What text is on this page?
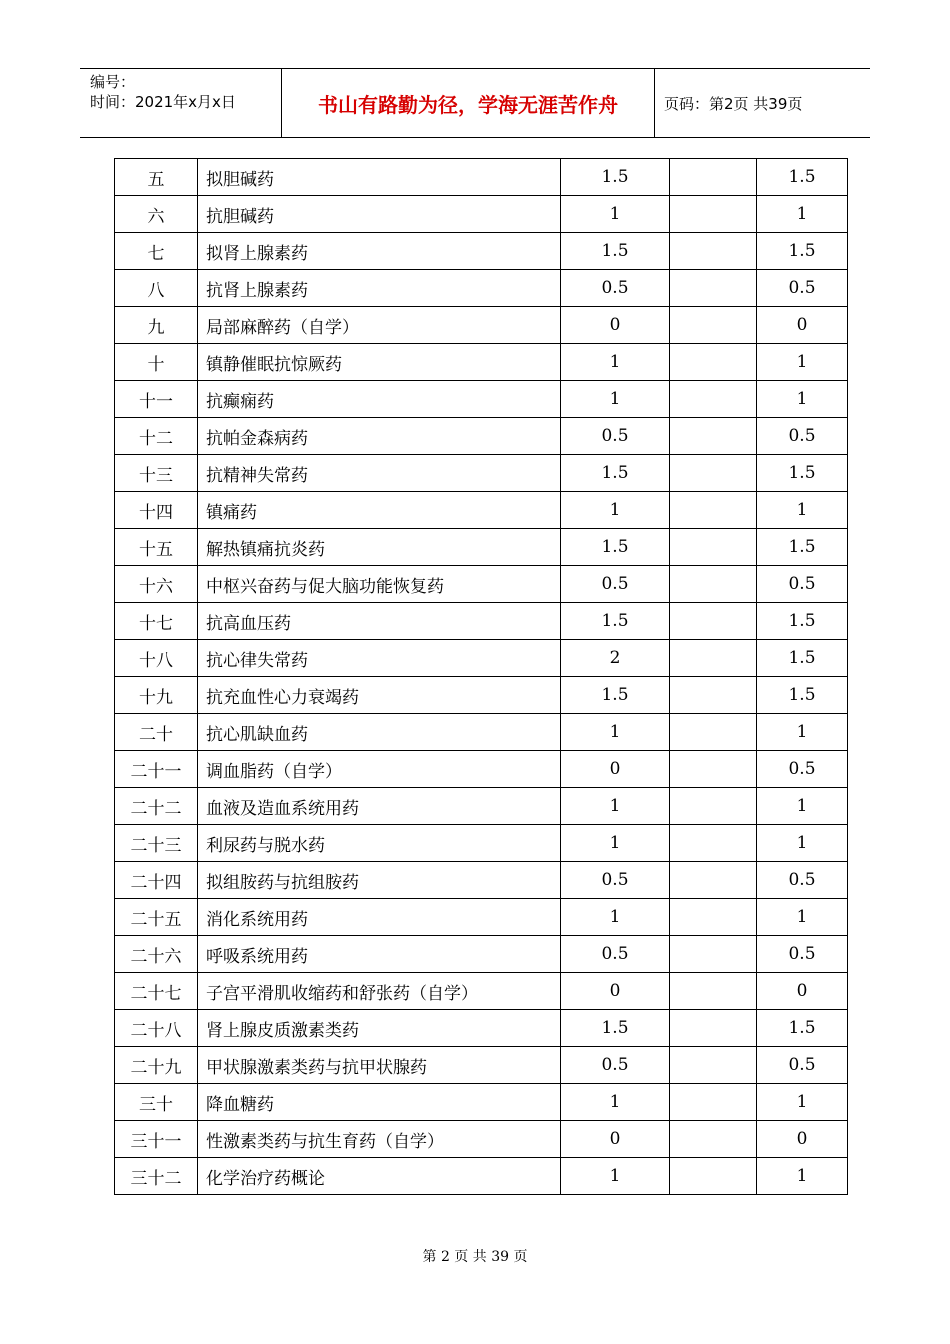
编号：
时间：2021年x月x日	书山有路勤为径，学海无涯苦作舟	页码：第2页 共39页
五	拟胆碱药	1.5		1.5
六	抗胆碱药	1		1
七	拟肾上腺素药	1.5		1.5
八	抗肾上腺素药	0.5		0.5
九	局部麻醉药（自学）	0		0
十	镇静催眠抗惊厥药	1		1
十一	抗癫痫药	1		1
十二	抗帕金森病药	0.5		0.5
十三	抗精神失常药	1.5		1.5
十四	镇痛药	1		1
十五	解热镇痛抗炎药	1.5		1.5
十六	中枢兴奋药与促大脑功能恢复药	0.5		0.5
十七	抗高血压药	1.5		1.5
十八	抗心律失常药	2		1.5
十九	抗充血性心力衰竭药	1.5		1.5
二十	抗心肌缺血药	1		1
二十一	调血脂药（自学）	0		0.5
二十二	血液及造血系统用药	1		1
二十三	利尿药与脱水药	1		1
二十四	拟组胺药与抗组胺药	0.5		0.5
二十五	消化系统用药	1		1
二十六	呼吸系统用药	0.5		0.5
二十七	子宫平滑肌收缩药和舒张药（自学）	0		0
二十八	肾上腺皮质激素类药	1.5		1.5
二十九	甲状腺激素类药与抗甲状腺药	0.5		0.5
三十	降血糖药	1		1
三十一	性激素类药与抗生育药（自学）	0		0
三十二	化学治疗药概论	1		1
第 2 页 共 39 页
